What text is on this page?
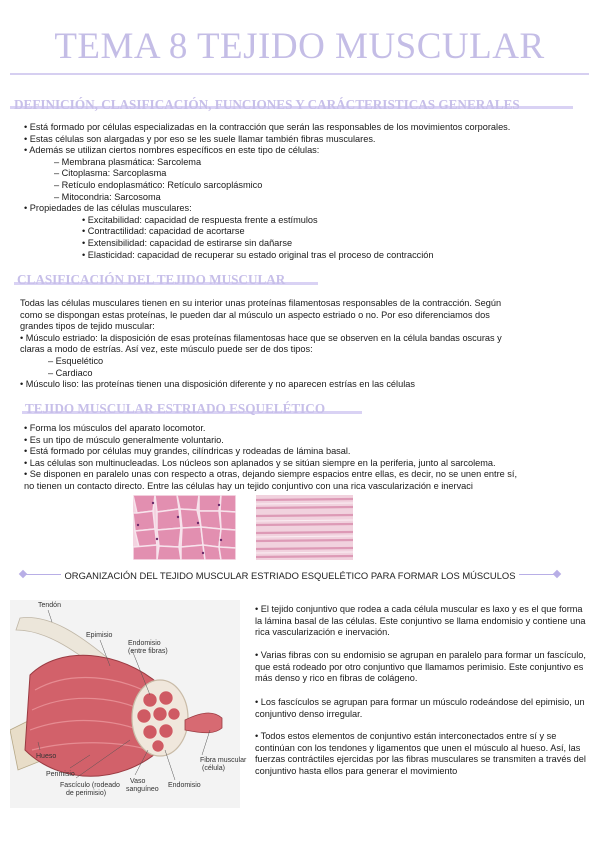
TEMA 8 TEJIDO MUSCULAR
DEFINICIÓN, CLASIFICACIÓN, FUNCIONES Y CARÁCTERISTICAS GENERALES
• Está formado por células especializadas en la contracción que serán las responsables de los movimientos corporales.
• Estas células son alargadas y por eso se les suele llamar también fibras musculares.
• Además se utilizan ciertos nombres específicos en este tipo de células:
– Membrana plasmática: Sarcolema
– Citoplasma: Sarcoplasma
– Retículo endoplasmático: Retículo sarcoplásmico
– Mitocondria: Sarcosoma
• Propiedades de las células musculares:
• Excitabilidad: capacidad de respuesta frente a estímulos
• Contractilidad: capacidad de acortarse
• Extensibilidad: capacidad de estirarse sin dañarse
• Elasticidad: capacidad de recuperar su estado original tras el proceso de contracción
CLASIFICACIÓN DEL TEJIDO MUSCULAR

Todas las células musculares tienen en su interior unas proteínas filamentosas responsables de la contracción. Según

como se dispongan estas proteínas, le pueden dar al músculo un aspecto estriado o no. Por eso diferenciamos dos

grandes tipos de tejido muscular:

• Músculo estriado: la disposición de esas proteínas filamentosas hace que se observen en la célula bandas oscuras y

claras a modo de estrías. Así vez, este músculo puede ser de dos tipos:

– Esquelético

– Cardiaco

• Músculo liso: las proteínas tienen una disposición diferente y no aparecen estrías en las células

TEJIDO MUSCULAR ESTRIADO ESQUELÉTICO

• Forma los músculos del aparato locomotor.

• Es un tipo de músculo generalmente voluntario.

• Está formado por células muy grandes, cilíndricas y rodeadas de lámina basal.

• Las células son multinucleadas. Los núcleos son aplanados y se sitúan siempre en la periferia, junto al sarcolema.

• Se disponen en paralelo unas con respecto a otras, dejando siempre espacios entre ellas, es decir, no se unen entre sí,

no tienen un contacto directo. Entre las células hay un tejido conjuntivo con una rica vascularización e inervaci

ORGANIZACIÓN DEL TEJIDO MUSCULAR ESTRIADO ESQUELÉTICO PARA FORMAR LOS MÚSCULOS
Tendón
Epimisio
Endomisio
(entre fibras)
Hueso
Perimisio
Fascículo (rodeado
de perimisio)
Vaso
sanguíneo
Endomisio
Fibra muscular
(célula)

• El tejido conjuntivo que rodea a cada célula muscular es laxo y es el que forma la lámina basal de las células. Este conjuntivo se llama endomisio y contiene una rica vascularización e inervación.

• Varias fibras con su endomisio se agrupan en paralelo para formar un fascículo, que está rodeado por otro conjuntivo que llamamos perimisio. Este conjuntivo es más denso y rico en fibras de colágeno.

• Los fascículos se agrupan para formar un músculo rodeándose del epimisio, un conjuntivo denso irregular.

• Todos estos elementos de conjuntivo están interconectados entre sí y se continúan con los tendones y ligamentos que unen el músculo al hueso. Así, las fuerzas contráctiles ejercidas por las fibras musculares se transmiten a través del conjuntivo hasta ellos para generar el movimiento
